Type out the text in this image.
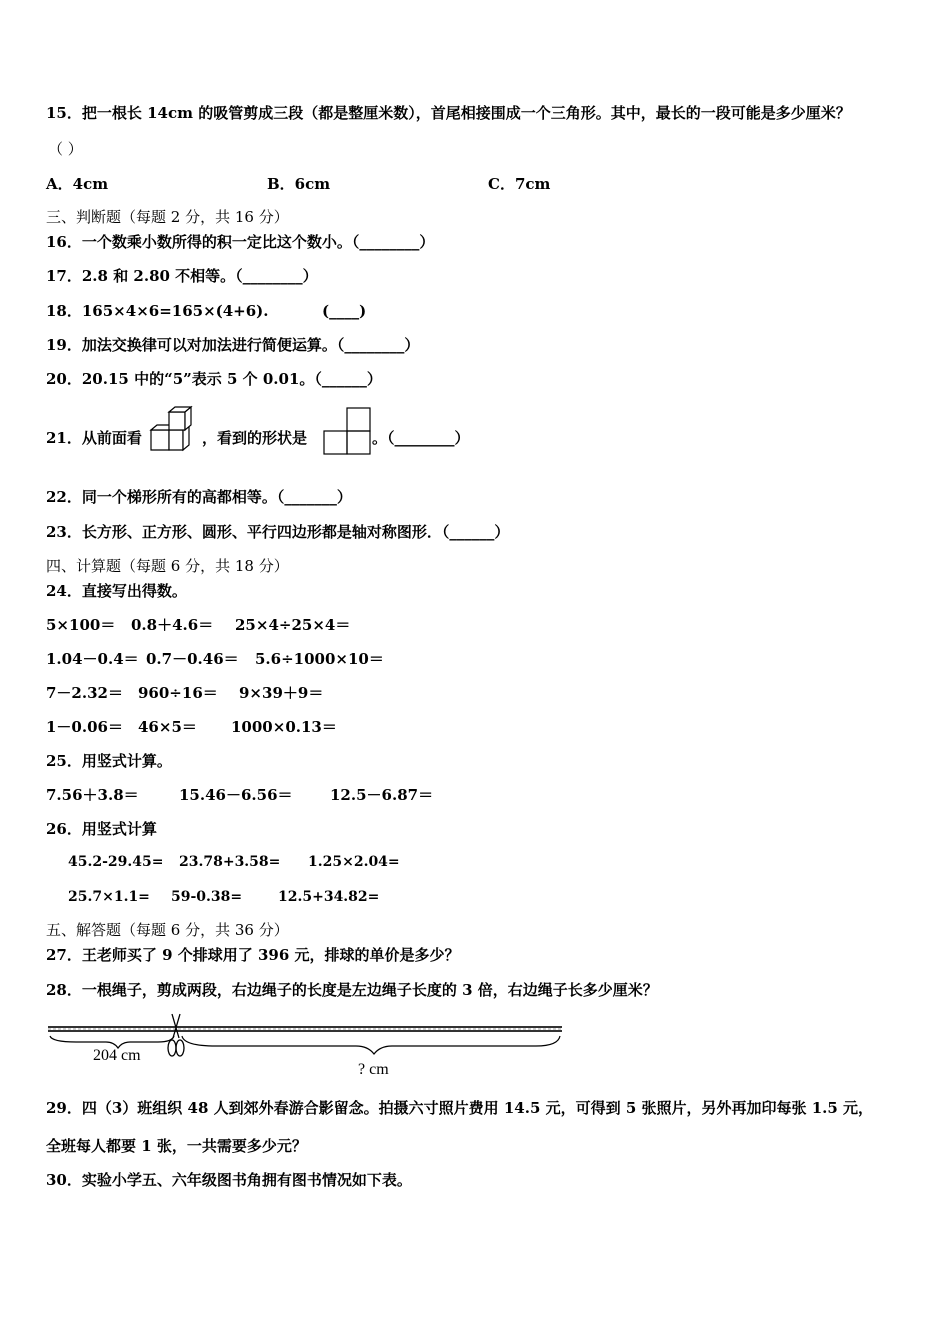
15．把一根长 14cm 的吸管剪成三段（都是整厘米数），首尾相接围成一个三角形。其中，最长的一段可能是多少厘米？
（ ）
A．4cm	B．6cm	C．7cm
三、判断题（每题 2 分，共 16 分）
16．一个数乘小数所得的积一定比这个数小。（________）
17．2.8 和 2.80 不相等。（________）
18．165×4×6=165×(4+6).	(____)
19．加法交换律可以对加法进行简便运算。（________）
20．20.15 中的“5”表示 5 个 0.01。（______）
21．从前面看	，看到的形状是	。（________）
22．同一个梯形所有的高都相等。（_______）
23．长方形、正方形、圆形、平行四边形都是轴对称图形．（______）
四、计算题（每题 6 分，共 18 分）
24．直接写出得数。
5×100＝ 0.8＋4.6＝ 25×4÷25×4＝
1.04－0.4＝ 0.7－0.46＝ 5.6÷1000×10＝
7－2.32＝ 960÷16＝ 9×39＋9＝
1－0.06＝ 46×5＝ 1000×0.13＝
25．用竖式计算。
7.56＋3.8＝	15.46－6.56＝ 12.5－6.87＝
26．用竖式计算
45.2-29.45= 23.78+3.58= 1.25×2.04=
25.7×1.1= 59-0.38=	12.5+34.82=
五、解答题（每题 6 分，共 36 分）
27．王老师买了 9 个排球用了 396 元，排球的单价是多少？
28．一根绳子，剪成两段，右边绳子的长度是左边绳子长度的 3 倍，右边绳子长多少厘米？
204 cm
? cm
29．四（3）班组织 48 人到郊外春游合影留念。拍摄六寸照片费用 14.5 元，可得到 5 张照片，另外再加印每张 1.5 元，
全班每人都要 1 张，一共需要多少元？
30．实验小学五、六年级图书角拥有图书情况如下表。
